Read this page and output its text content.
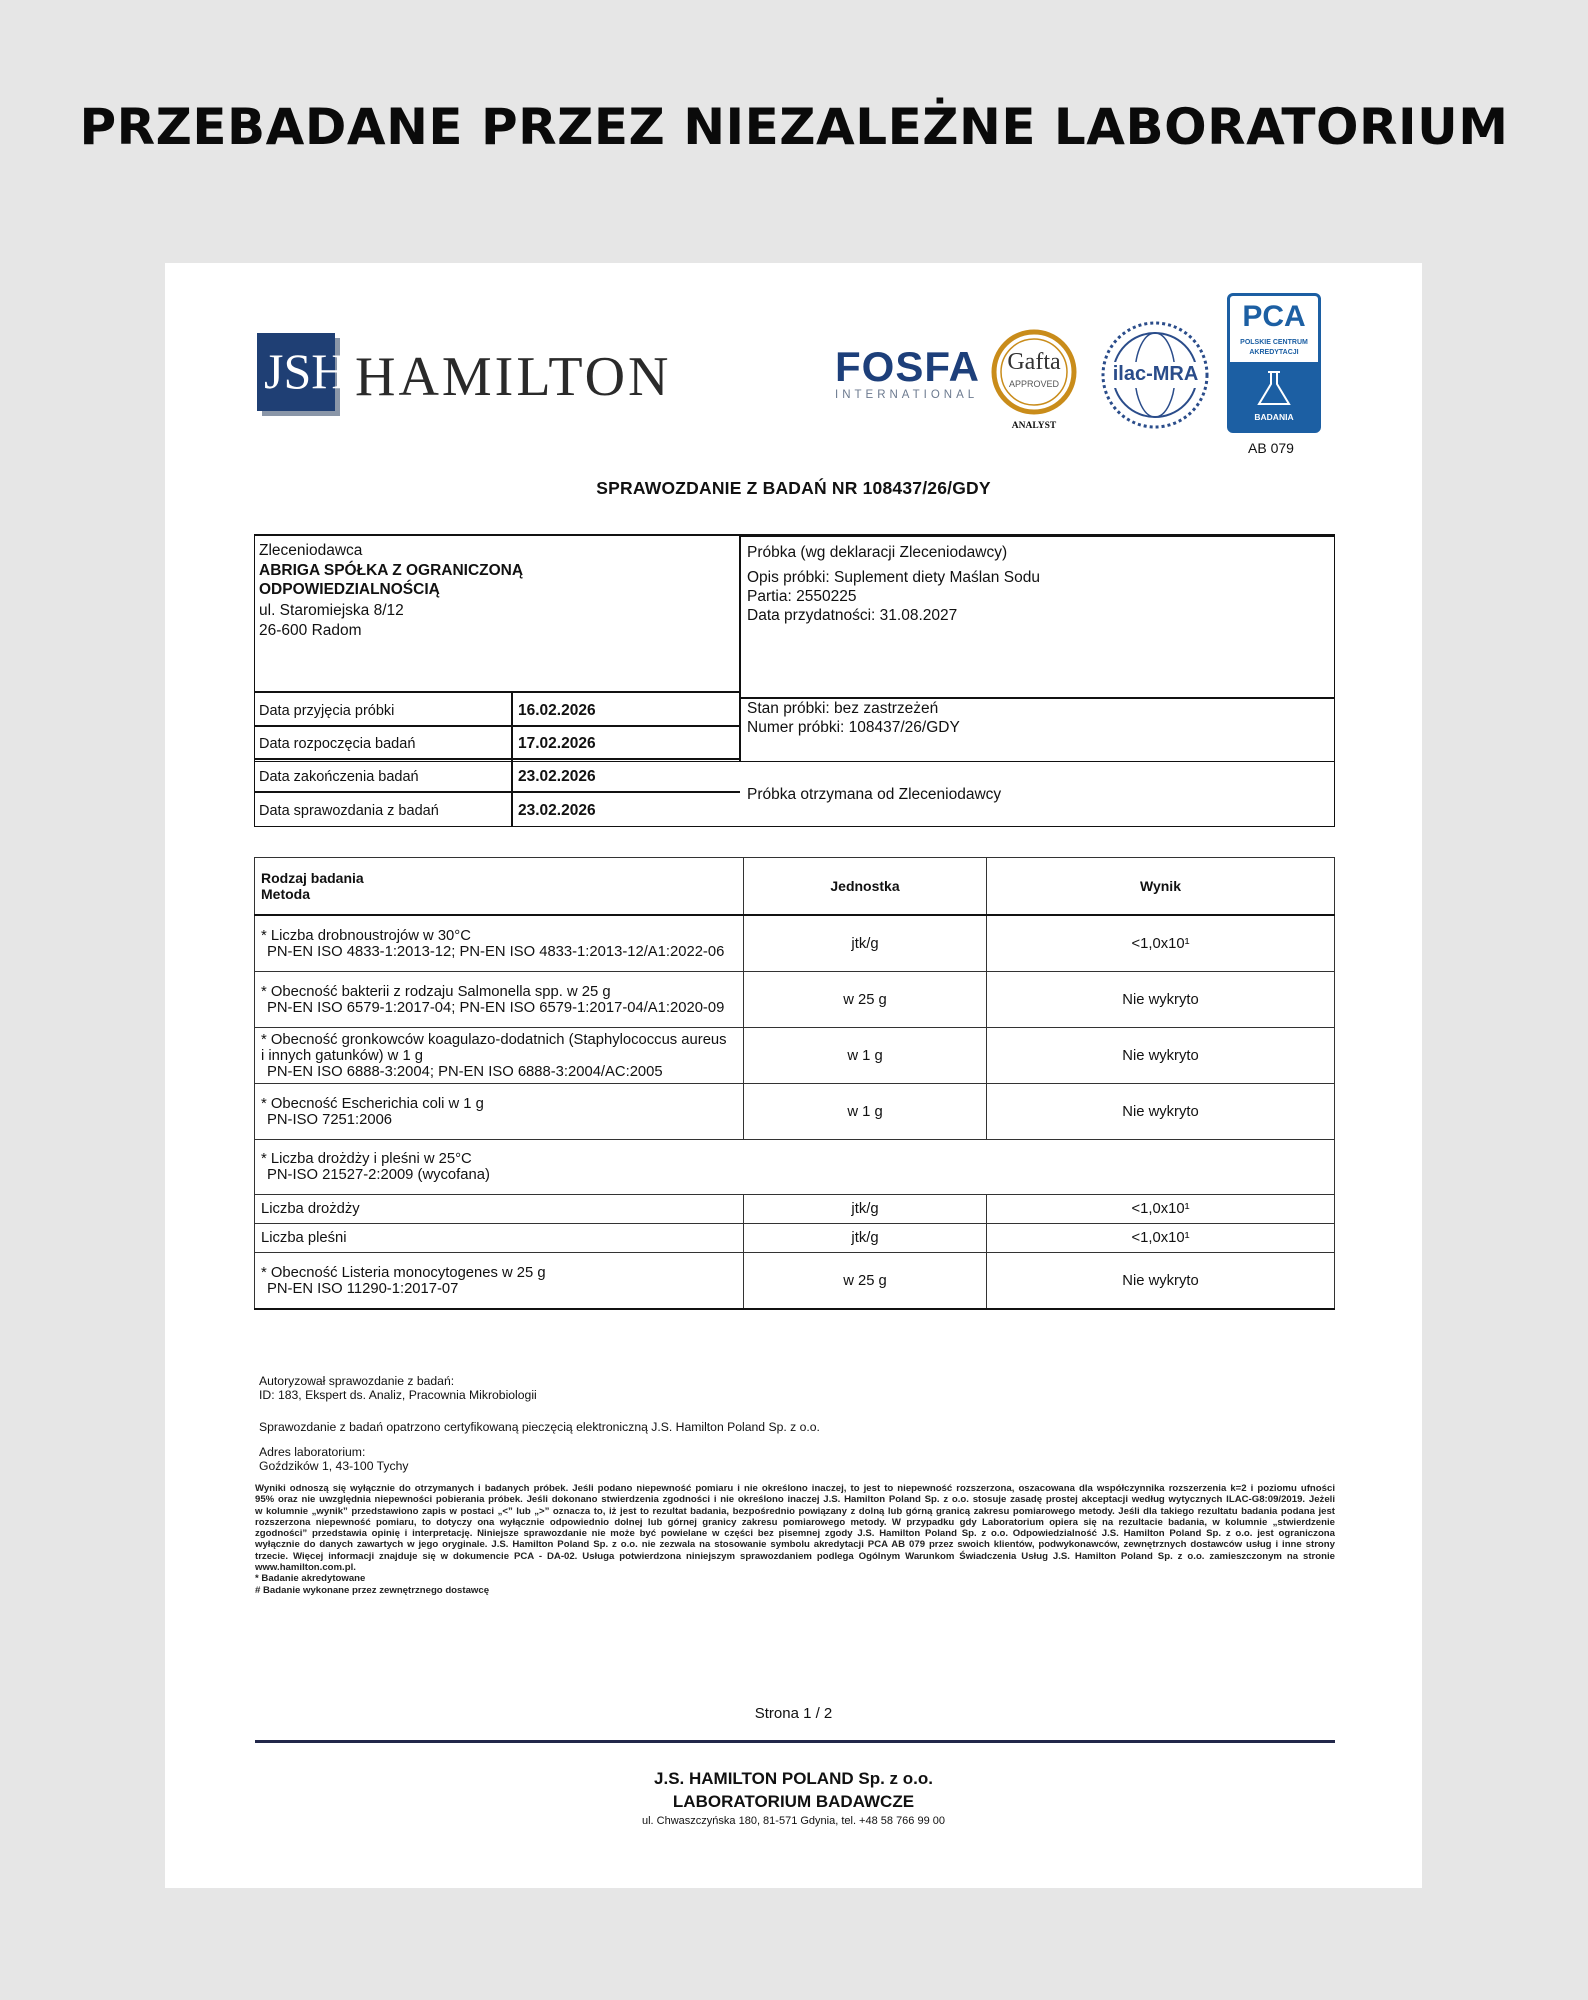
PRZEBADANE PRZEZ NIEZALEŻNE LABORATORIUM
JSH HAMILTON	FOSFA
INTERNATIONAL
Gafta
APPROVED
ANALYST
ilac-MRA
PCA
POLSKIE CENTRUM
AKREDYTACJI
BADANIA
AB 079
SPRAWOZDANIE Z BADAŃ NR 108437/26/GDY
Zleceniodawca
ABRIGA SPÓŁKA Z OGRANICZONĄ
ODPOWIEDZIALNOŚCIĄ
ul. Staromiejska 8/12
26-600 Radom
Próbka (wg deklaracji Zleceniodawcy)
Opis próbki: Suplement diety Maślan Sodu
Partia: 2550225
Data przydatności: 31.08.2027
Data przyjęcia próbki	16.02.2026
Data rozpoczęcia badań	17.02.2026
Data zakończenia badań	23.02.2026
Data sprawozdania z badań	23.02.2026
Stan próbki: bez zastrzeżeń
Numer próbki: 108437/26/GDY
Próbka otrzymana od Zleceniodawcy
Rodzaj badania
Metoda	Jednostka	Wynik

* Liczba drobnoustrojów w 30°C
PN-EN ISO 4833-1:2013-12; PN-EN ISO 4833-1:2013-12/A1:2022-06	jtk/g	<1,0x10¹

* Obecność bakterii z rodzaju Salmonella spp. w 25 g
PN-EN ISO 6579-1:2017-04; PN-EN ISO 6579-1:2017-04/A1:2020-09	w 25 g	Nie wykryto

* Obecność gronkowców koagulazo-dodatnich (Staphylococcus aureus
i innych gatunków) w 1 g
PN-EN ISO 6888-3:2004; PN-EN ISO 6888-3:2004/AC:2005	w 1 g	Nie wykryto

* Obecność Escherichia coli w 1 g
PN-ISO 7251:2006	w 1 g	Nie wykryto

* Liczba drożdży i pleśni w 25°C
PN-ISO 21527-2:2009 (wycofana)		

Liczba drożdży	jtk/g	<1,0x10¹
Liczba pleśni	jtk/g	<1,0x10¹

* Obecność Listeria monocytogenes w 25 g
PN-EN ISO 11290-1:2017-07	w 25 g	Nie wykryto
Autoryzował sprawozdanie z badań:
ID: 183, Ekspert ds. Analiz, Pracownia Mikrobiologii
Sprawozdanie z badań opatrzono certyfikowaną pieczęcią elektroniczną J.S. Hamilton Poland Sp. z o.o.
Adres laboratorium:
Goździków 1, 43-100 Tychy
Wyniki odnoszą się wyłącznie do otrzymanych i badanych próbek. Jeśli podano niepewność pomiaru i nie określono inaczej, to jest to niepewność rozszerzona, oszacowana dla współczynnika rozszerzenia k=2 i poziomu ufności
95% oraz nie uwzględnia niepewności pobierania próbek. Jeśli dokonano stwierdzenia zgodności i nie określono inaczej J.S. Hamilton Poland Sp. z o.o. stosuje zasadę prostej akceptacji według wytycznych ILAC-G8:09/2019. Jeżeli
w kolumnie „wynik” przedstawiono zapis w postaci „<” lub „>” oznacza to, iż jest to rezultat badania, bezpośrednio powiązany z dolną lub górną granicą zakresu pomiarowego metody. Jeśli dla takiego rezultatu badania podana jest
rozszerzona niepewność pomiaru, to dotyczy ona wyłącznie odpowiednio dolnej lub górnej granicy zakresu pomiarowego metody. W przypadku gdy Laboratorium opiera się na rezultacie badania, w kolumnie „stwierdzenie
zgodności” przedstawia opinię i interpretację. Niniejsze sprawozdanie nie może być powielane w części bez pisemnej zgody J.S. Hamilton Poland Sp. z o.o. Odpowiedzialność J.S. Hamilton Poland Sp. z o.o. jest ograniczona
wyłącznie do danych zawartych w jego oryginale. J.S. Hamilton Poland Sp. z o.o. nie zezwala na stosowanie symbolu akredytacji PCA AB 079 przez swoich klientów, podwykonawców, zewnętrznych dostawców usług i inne strony
trzecie. Więcej informacji znajduje się w dokumencie PCA - DA-02. Usługa potwierdzona niniejszym sprawozdaniem podlega Ogólnym Warunkom Świadczenia Usług J.S. Hamilton Poland Sp. z o.o. zamieszczonym na stronie
www.hamilton.com.pl.
* Badanie akredytowane
# Badanie wykonane przez zewnętrznego dostawcę
Strona 1 / 2
J.S. HAMILTON POLAND Sp. z o.o.
LABORATORIUM BADAWCZE
ul. Chwaszczyńska 180, 81-571 Gdynia, tel. +48 58 766 99 00
